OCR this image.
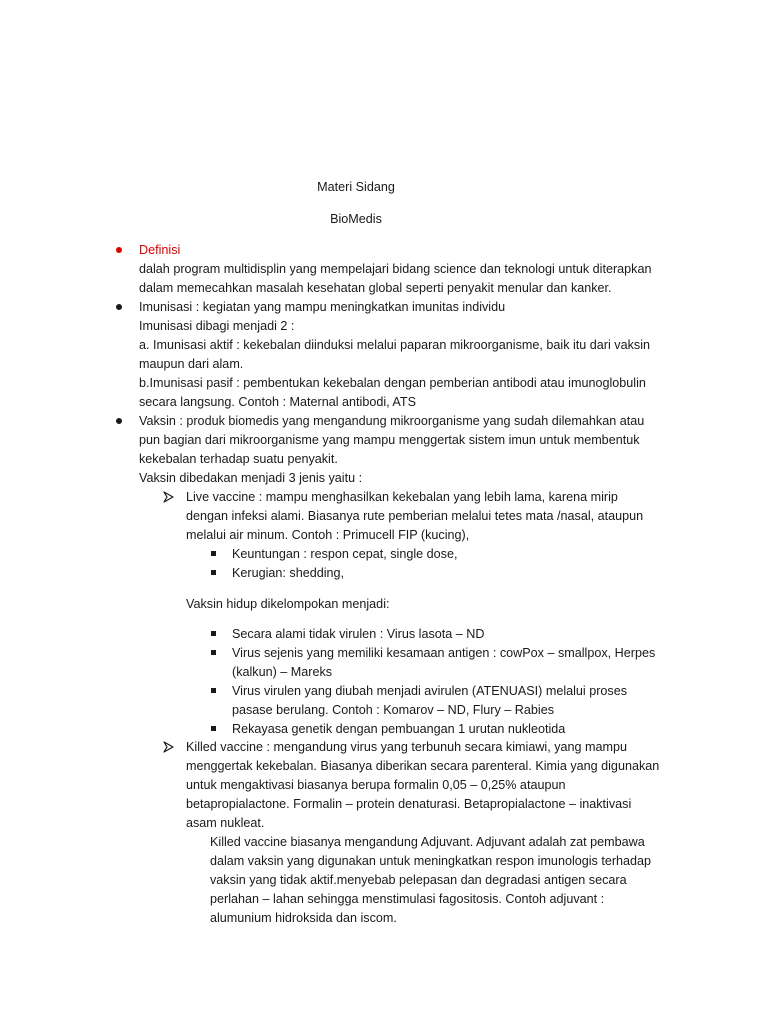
Materi Sidang
BioMedis
Definisi
dalah program multidisplin yang mempelajari bidang science dan teknologi untuk diterapkan
dalam memecahkan masalah kesehatan global seperti penyakit menular dan kanker.
Imunisasi : kegiatan yang mampu meningkatkan imunitas individu
Imunisasi dibagi menjadi 2 :
a. Imunisasi aktif : kekebalan diinduksi melalui paparan mikroorganisme, baik itu dari vaksin
maupun dari alam.
b.Imunisasi pasif : pembentukan kekebalan dengan pemberian antibodi atau imunoglobulin
secara langsung. Contoh : Maternal antibodi, ATS
Vaksin : produk biomedis yang mengandung mikroorganisme yang sudah dilemahkan atau
pun bagian dari mikroorganisme yang mampu menggertak sistem imun untuk membentuk
kekebalan terhadap suatu penyakit.
Vaksin dibedakan menjadi 3 jenis yaitu :
Live vaccine : mampu menghasilkan kekebalan yang lebih lama, karena mirip
dengan infeksi alami. Biasanya rute pemberian melalui tetes mata /nasal, ataupun
melalui air minum. Contoh : Primucell FIP (kucing),
Keuntungan : respon cepat, single dose,
Kerugian: shedding,
Vaksin hidup dikelompokan menjadi:
Secara alami tidak virulen : Virus lasota – ND
Virus sejenis yang memiliki kesamaan antigen : cowPox – smallpox, Herpes
(kalkun) – Mareks
Virus virulen yang diubah menjadi avirulen (ATENUASI) melalui proses
pasase berulang. Contoh : Komarov – ND, Flury – Rabies
Rekayasa genetik dengan pembuangan 1 urutan nukleotida
Killed vaccine : mengandung virus yang terbunuh secara kimiawi, yang mampu
menggertak kekebalan. Biasanya diberikan secara parenteral. Kimia yang digunakan
untuk mengaktivasi biasanya berupa formalin 0,05 – 0,25% ataupun
betapropialactone. Formalin – protein denaturasi. Betapropialactone – inaktivasi
asam nukleat.
Killed vaccine biasanya mengandung Adjuvant. Adjuvant adalah zat pembawa
dalam vaksin yang digunakan untuk meningkatkan respon imunologis terhadap
vaksin yang tidak aktif.menyebab pelepasan dan degradasi antigen secara
perlahan – lahan sehingga menstimulasi fagositosis. Contoh adjuvant :
alumunium hidroksida dan iscom.
